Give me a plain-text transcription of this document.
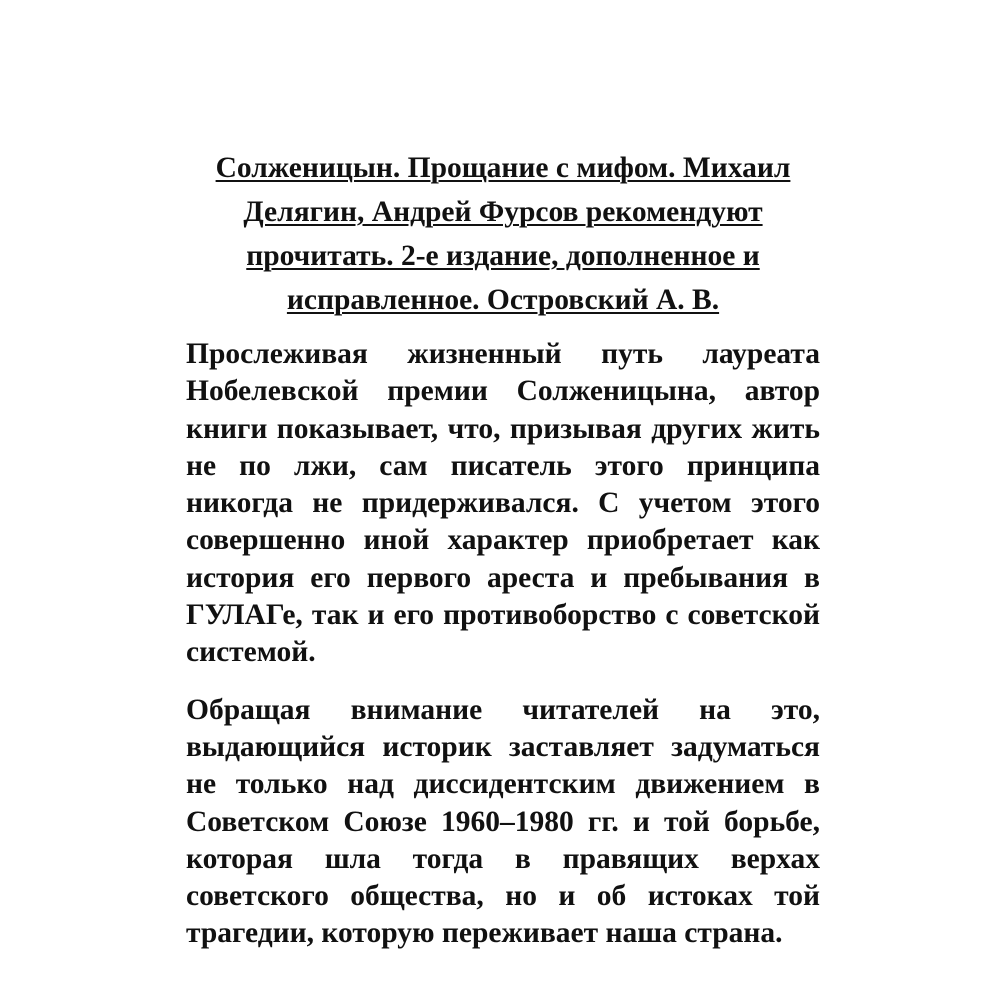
Солженицын. Прощание с мифом. Михаил Делягин, Андрей Фурсов рекомендуют прочитать. 2-е издание, дополненное и исправленное. Островский А. В.

Прослеживая жизненный путь лауреата Нобелевской премии Солженицына, автор книги показывает, что, призывая других жить не по лжи, сам писатель этого принципа никогда не придерживался. С учетом этого совершенно иной характер приобретает как история его первого ареста и пребывания в ГУЛАГе, так и его противоборство с советской системой.

Обращая внимание читателей на это, выдающийся историк заставляет задуматься не только над диссидентским движением в Советском Союзе 1960–1980 гг. и той борьбе, которая шла тогда в правящих верхах советского общества, но и об истоках той трагедии, которую переживает наша страна.
